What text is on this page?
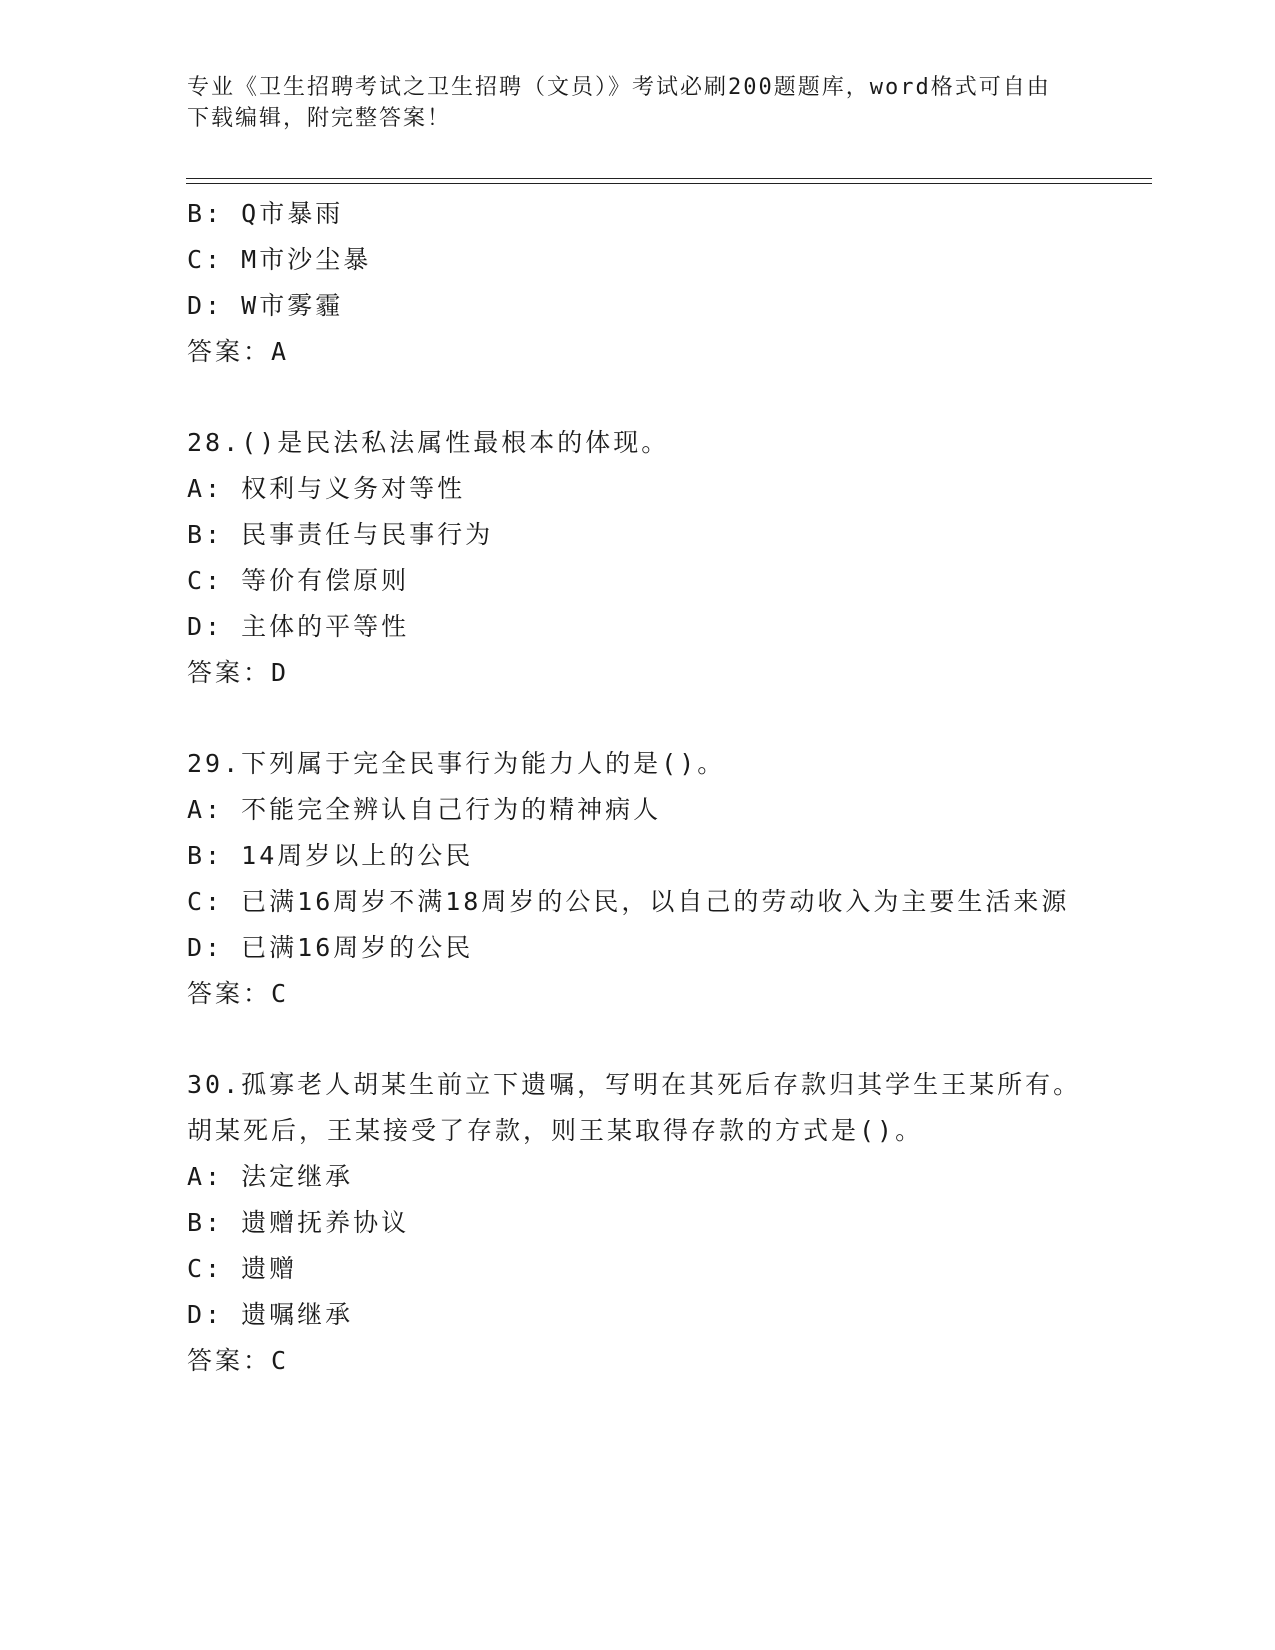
专业《卫生招聘考试之卫生招聘（文员）》考试必刷200题题库，word格式可自由下载编辑，附完整答案！
B: Q市暴雨
C: M市沙尘暴
D: W市雾霾
答案：A
28.()是民法私法属性最根本的体现。
A: 权利与义务对等性
B: 民事责任与民事行为
C: 等价有偿原则
D: 主体的平等性
答案：D
29.下列属于完全民事行为能力人的是()。
A: 不能完全辨认自己行为的精神病人
B: 14周岁以上的公民
C: 已满16周岁不满18周岁的公民，以自己的劳动收入为主要生活来源
D: 已满16周岁的公民
答案：C
30.孤寡老人胡某生前立下遗嘱，写明在其死后存款归其学生王某所有。胡某死后，王某接受了存款，则王某取得存款的方式是()。
A: 法定继承
B: 遗赠抚养协议
C: 遗赠
D: 遗嘱继承
答案：C
